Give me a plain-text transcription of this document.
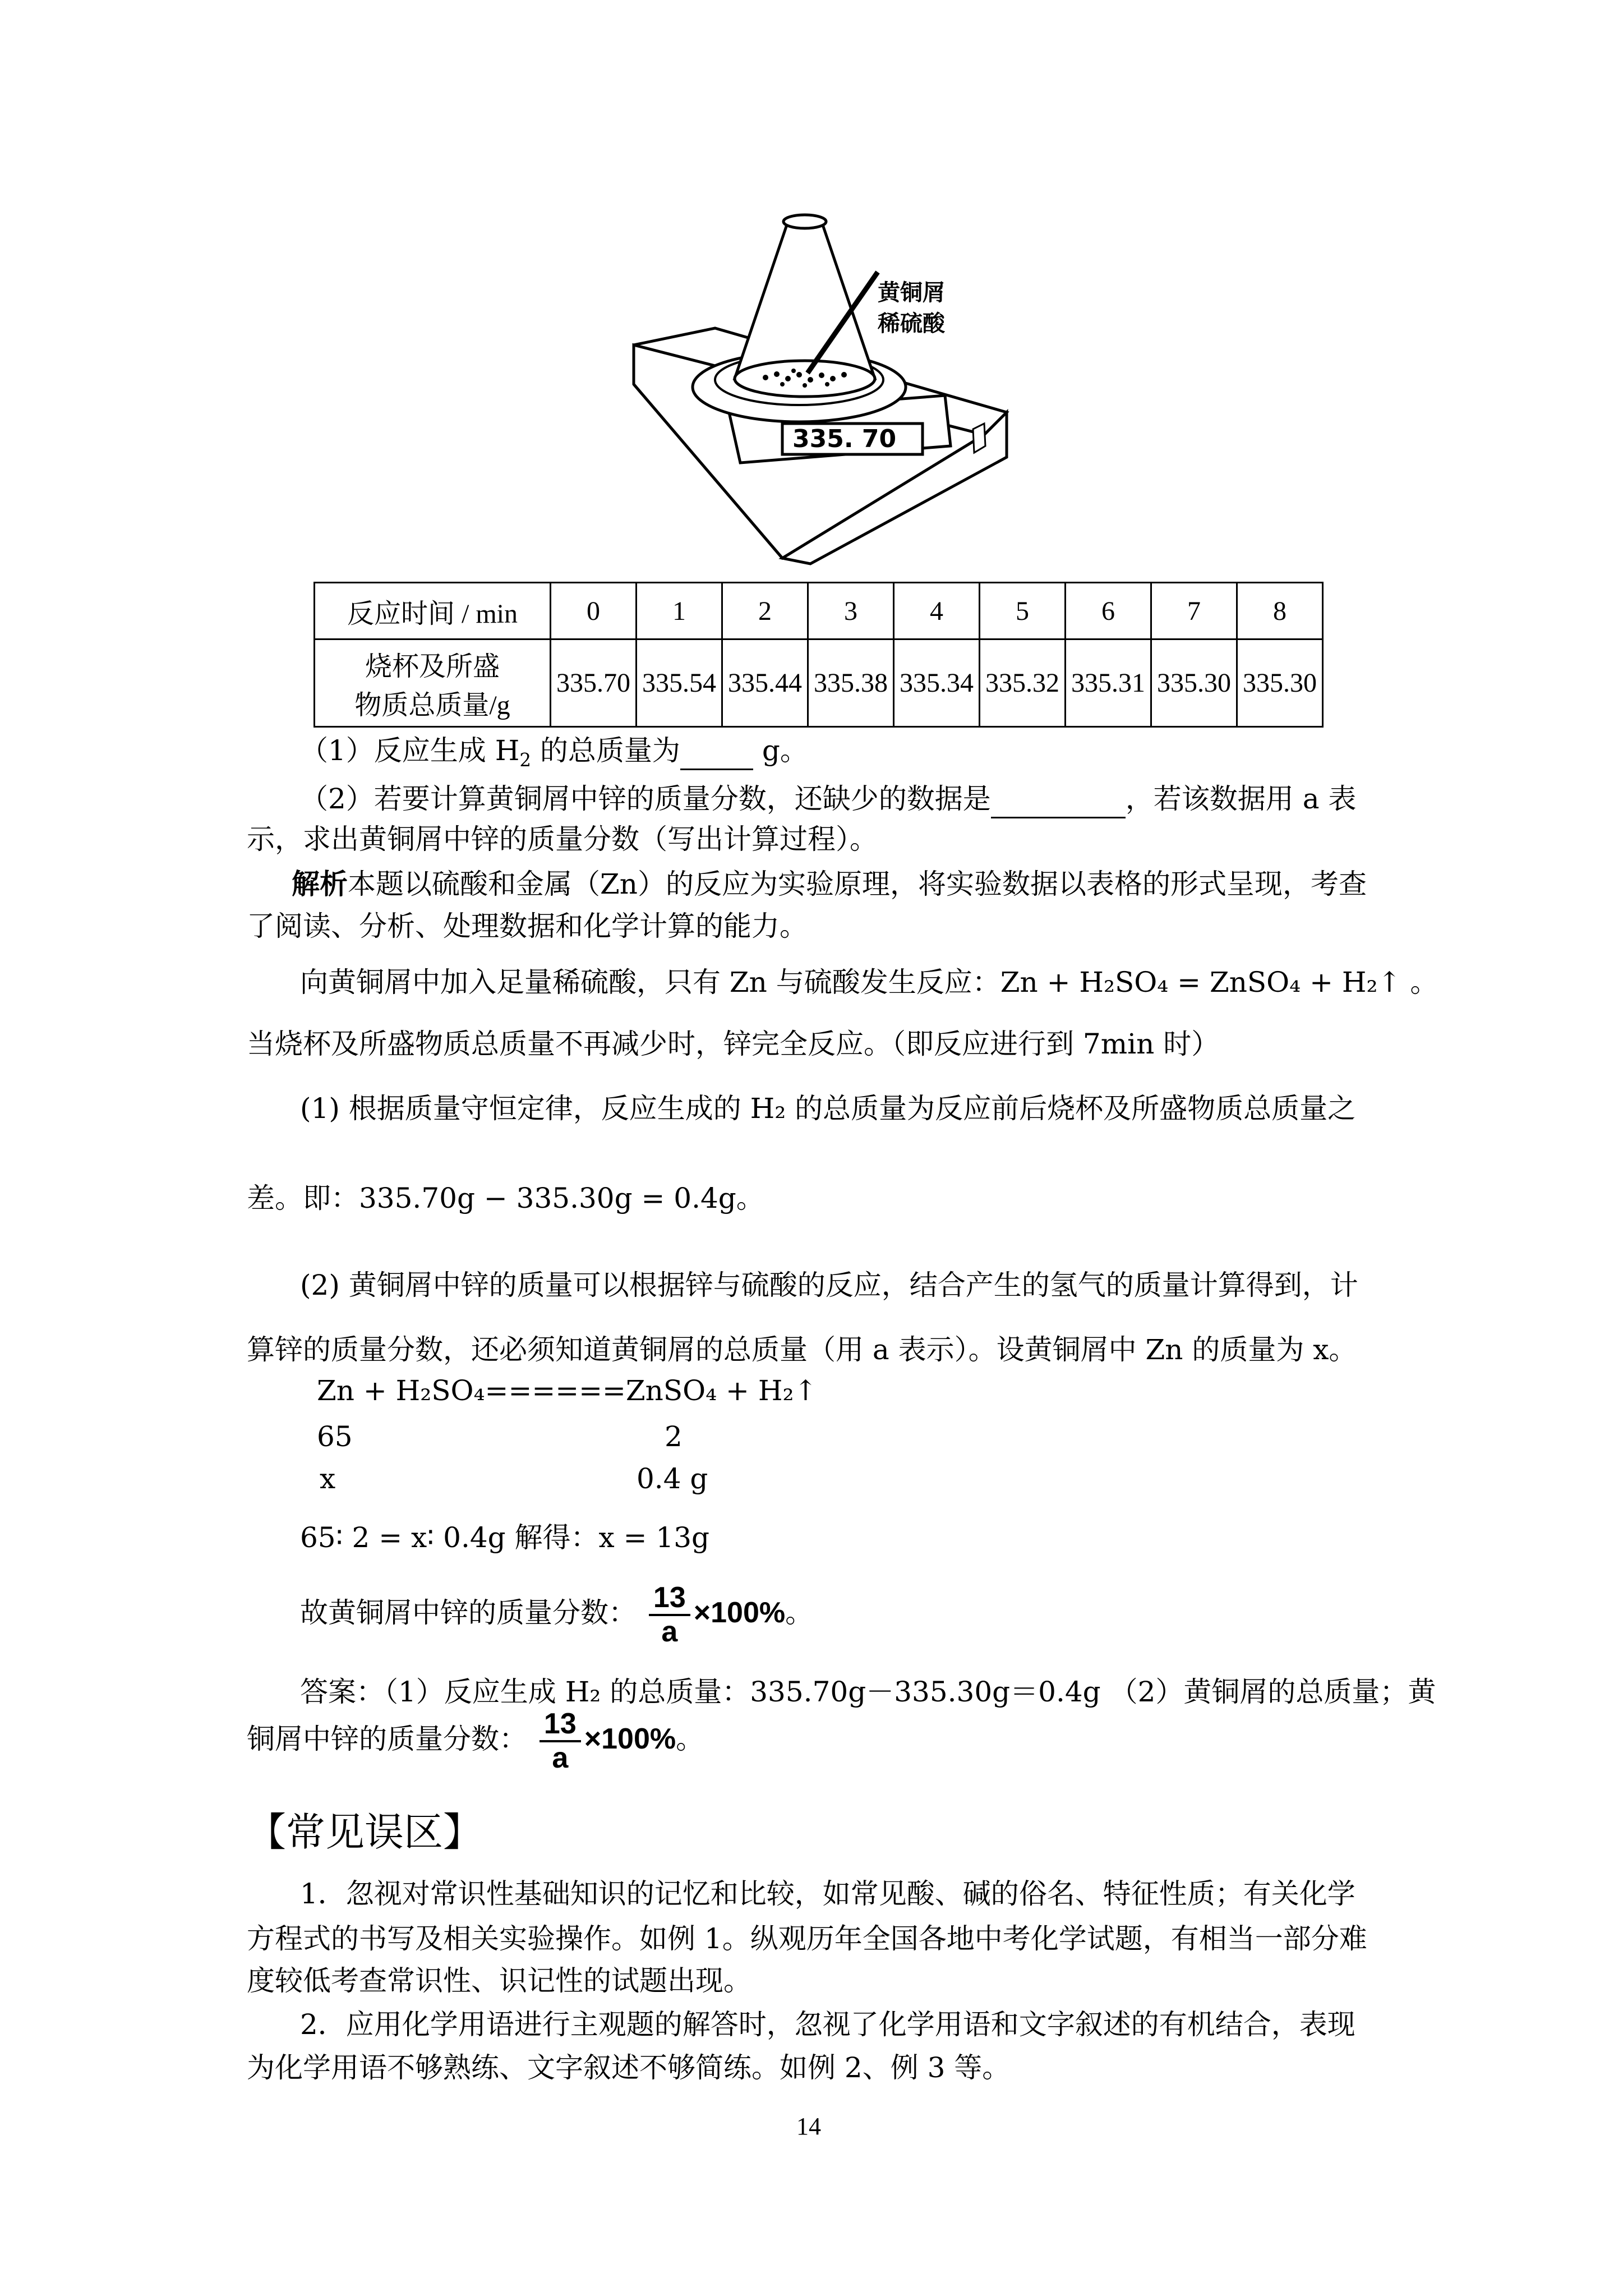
黄铜屑
稀硫酸
335. 70
反应时间 / min	0	1	2	3	4	5	6	7	8

烧杯及所盛
物质总质量/g	335.70	335.54	335.44	335.38	335.34	335.32	335.31	335.30	335.30
（1）反应生成 $H_2$ 的总质量为	g。
（2）若要计算黄铜屑中锌的质量分数，还缺少的数据是	，若该数据用 a 表
示，求出黄铜屑中锌的质量分数（写出计算过程）。
解析本题以硫酸和金属（Zn）的反应为实验原理，将实验数据以表格的形式呈现，考查
了阅读、分析、处理数据和化学计算的能力。
向黄铜屑中加入足量稀硫酸，只有 Zn 与硫酸发生反应：Zn + H₂SO₄ = ZnSO₄ + H₂↑ 。
当烧杯及所盛物质总质量不再减少时，锌完全反应。（即反应进行到 7min 时）
(1) 根据质量守恒定律，反应生成的 H₂ 的总质量为反应前后烧杯及所盛物质总质量之
差。即：335.70g − 335.30g = 0.4g。
(2) 黄铜屑中锌的质量可以根据锌与硫酸的反应，结合产生的氢气的质量计算得到，计
算锌的质量分数，还必须知道黄铜屑的总质量（用 a 表示）。设黄铜屑中 Zn 的质量为 x。
Zn + H₂SO₄======ZnSO₄ + H₂↑
65	2
x	0.4 g
65∶ 2 = x∶ 0.4g 解得：x = 13g
故黄铜屑中锌的质量分数： $\frac{13}{a} \times 100\%$。
答案：（1）反应生成 H₂ 的总质量：335.70g－335.30g＝0.4g （2）黄铜屑的总质量；黄
铜屑中锌的质量分数： $\frac{13}{a} \times 100\%$。
【常见误区】
1．忽视对常识性基础知识的记忆和比较，如常见酸、碱的俗名、特征性质；有关化学
方程式的书写及相关实验操作。如例 1。纵观历年全国各地中考化学试题，有相当一部分难
度较低考查常识性、识记性的试题出现。
2．应用化学用语进行主观题的解答时，忽视了化学用语和文字叙述的有机结合，表现
为化学用语不够熟练、文字叙述不够简练。如例 2、例 3 等。
14
